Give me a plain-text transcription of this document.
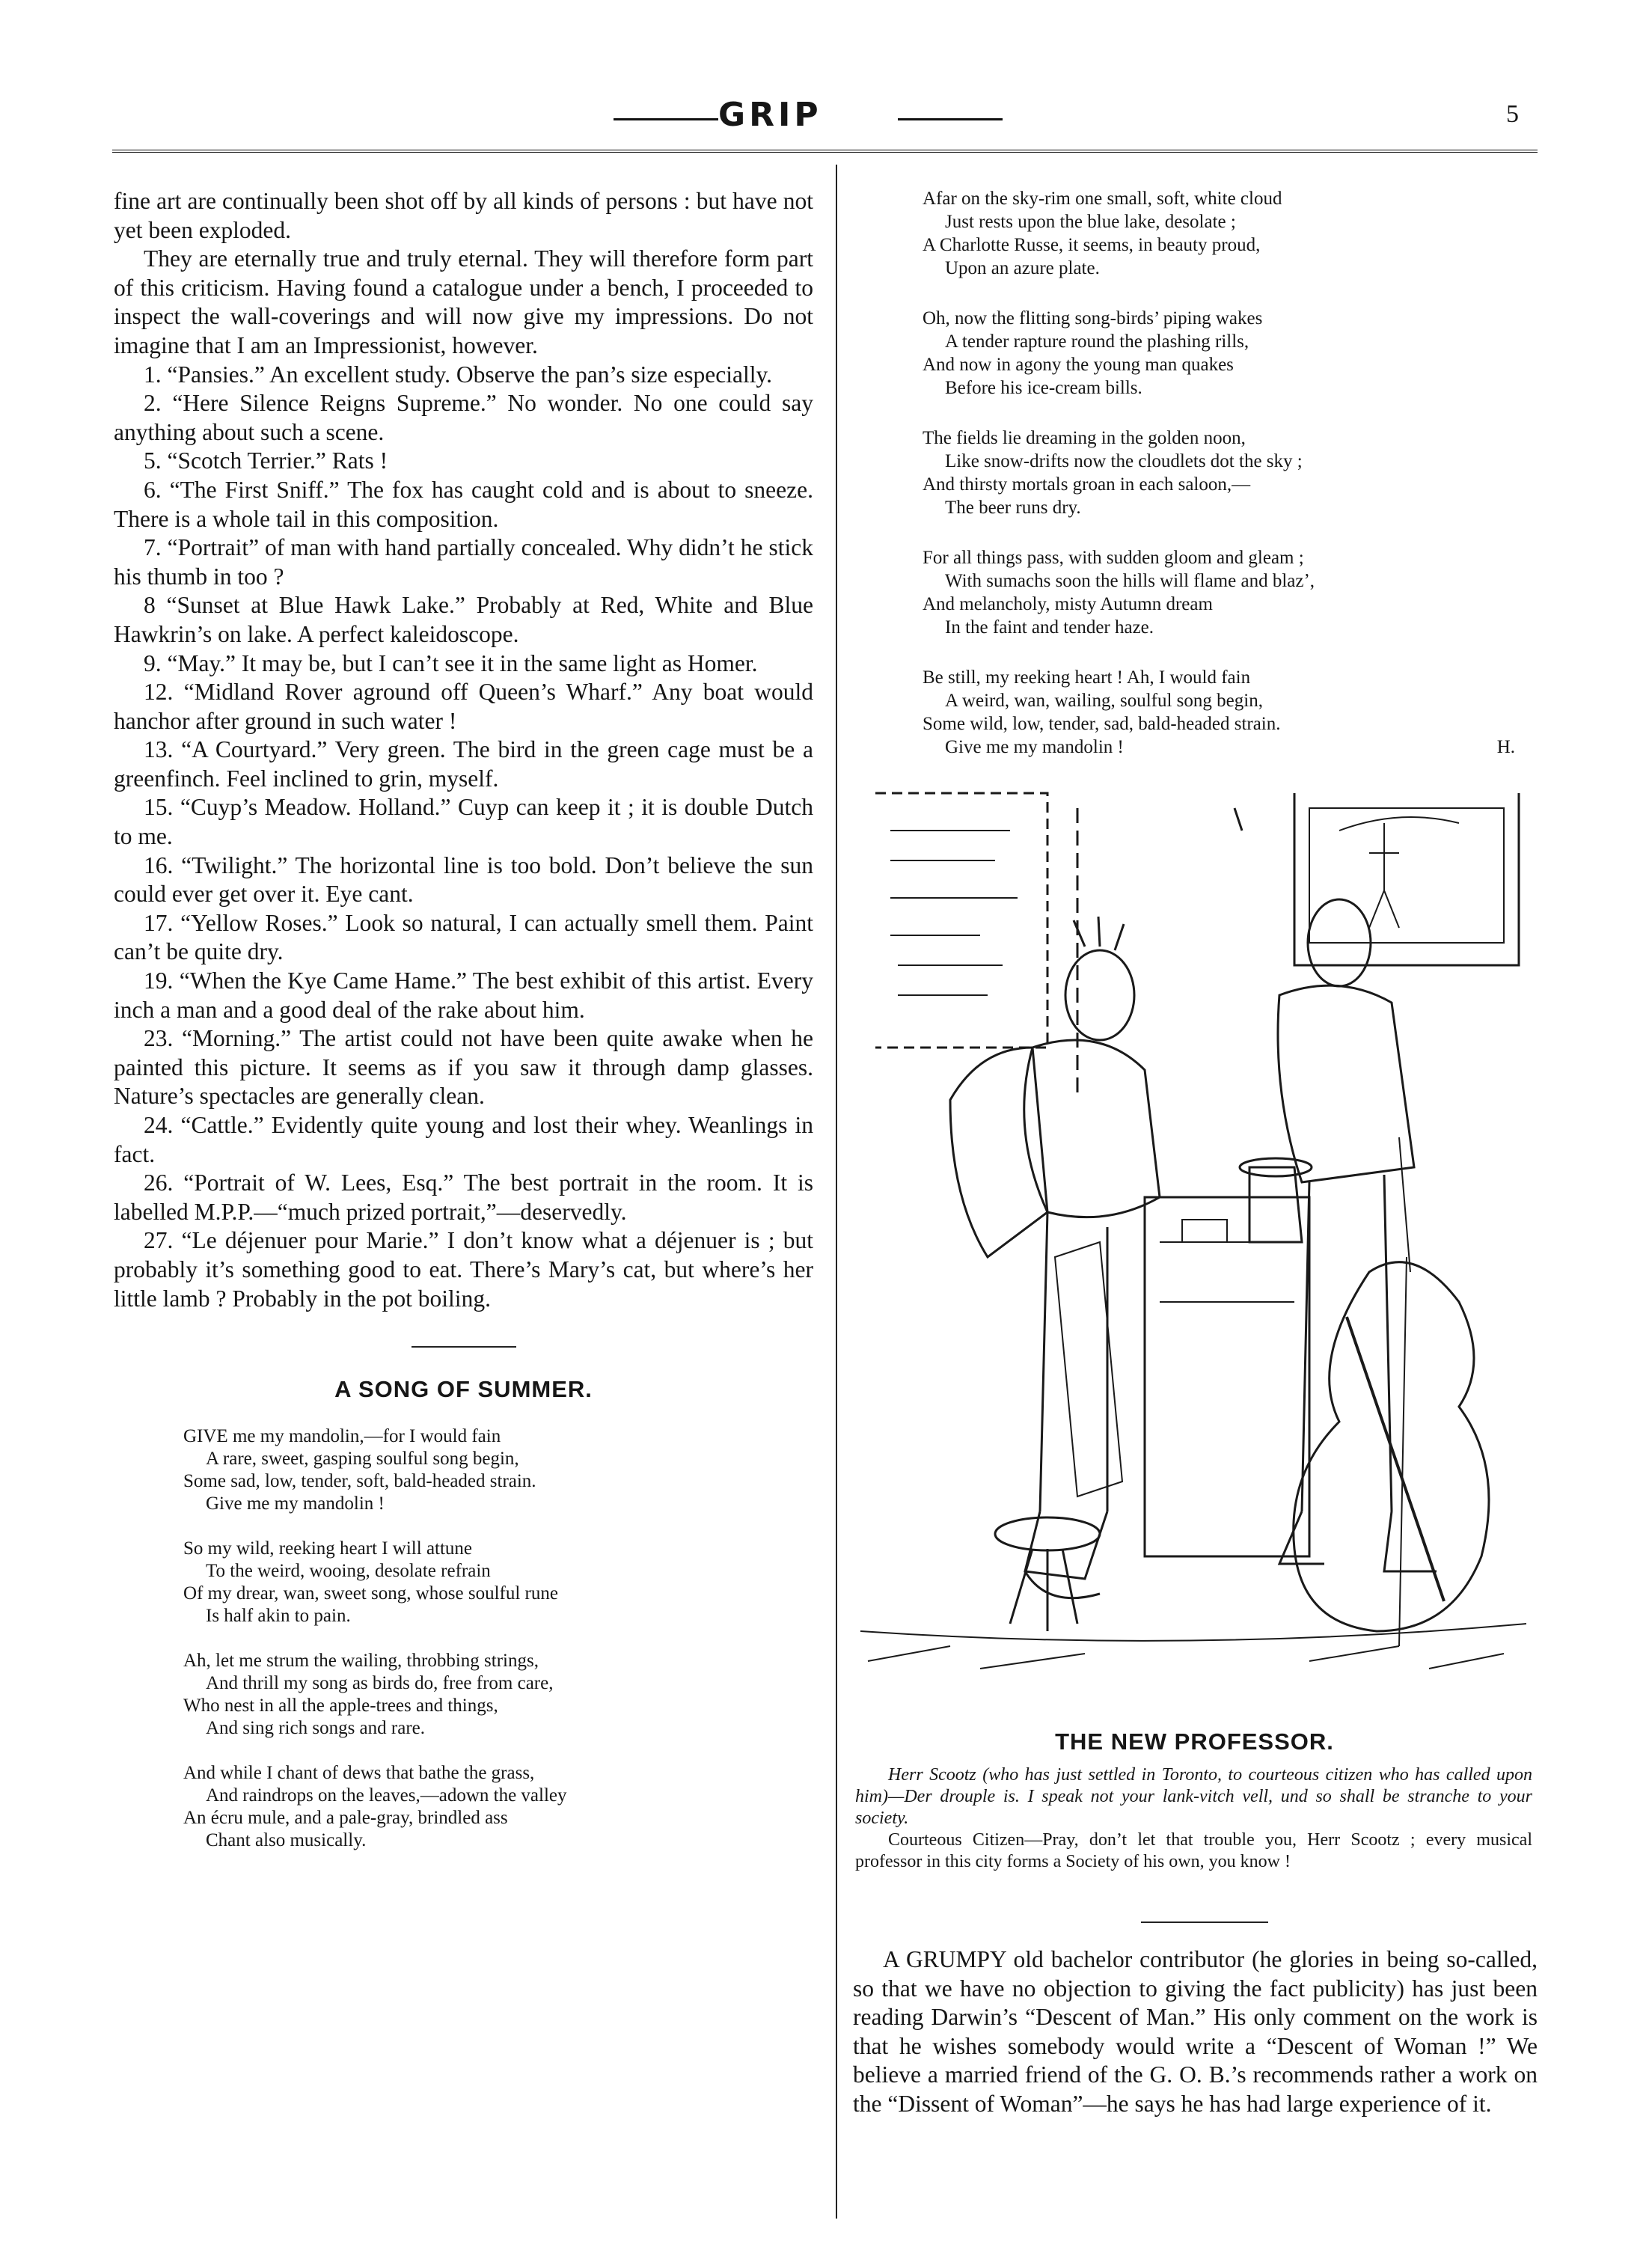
GRIP	5

fine art are continually been shot off by all kinds of persons : but have not yet been exploded.

They are eternally true and truly eternal. They will therefore form part of this criticism. Having found a catalogue under a bench, I proceeded to inspect the wall-coverings and will now give my impressions. Do not imagine that I am an Impressionist, however.

1. “Pansies.” An excellent study. Observe the pan’s size especially.

2. “Here Silence Reigns Supreme.” No wonder. No one could say anything about such a scene.

5. “Scotch Terrier.” Rats !

6. “The First Sniff.” The fox has caught cold and is about to sneeze. There is a whole tail in this composition.

7. “Portrait” of man with hand partially concealed. Why didn’t he stick his thumb in too ?

8 “Sunset at Blue Hawk Lake.” Probably at Red, White and Blue Hawkrin’s on lake. A perfect kaleidoscope.

9. “May.” It may be, but I can’t see it in the same light as Homer.

12. “Midland Rover aground off Queen’s Wharf.” Any boat would hanchor after ground in such water !

13. “A Courtyard.” Very green. The bird in the green cage must be a greenfinch. Feel inclined to grin, myself.

15. “Cuyp’s Meadow. Holland.” Cuyp can keep it ; it is double Dutch to me.

16. “Twilight.” The horizontal line is too bold. Don’t believe the sun could ever get over it. Eye cant.

17. “Yellow Roses.” Look so natural, I can actually smell them. Paint can’t be quite dry.

19. “When the Kye Came Hame.” The best exhibit of this artist. Every inch a man and a good deal of the rake about him.

23. “Morning.” The artist could not have been quite awake when he painted this picture. It seems as if you saw it through damp glasses. Nature’s spectacles are generally clean.

24. “Cattle.” Evidently quite young and lost their whey. Weanlings in fact.

26. “Portrait of W. Lees, Esq.” The best portrait in the room. It is labelled M.P.P.—“much prized portrait,”—deservedly.

27. “Le déjenuer pour Marie.” I don’t know what a déjenuer is ; but probably it’s something good to eat. There’s Mary’s cat, but where’s her little lamb ? Probably in the pot boiling.

A SONG OF SUMMER.
GIVE me my mandolin,—for I would fain
A rare, sweet, gasping soulful song begin,
Some sad, low, tender, soft, bald-headed strain.
Give me my mandolin !
So my wild, reeking heart I will attune
To the weird, wooing, desolate refrain
Of my drear, wan, sweet song, whose soulful rune
Is half akin to pain.
Ah, let me strum the wailing, throbbing strings,
And thrill my song as birds do, free from care,
Who nest in all the apple-trees and things,
And sing rich songs and rare.
And while I chant of dews that bathe the grass,
And raindrops on the leaves,—adown the valley
An écru mule, and a pale-gray, brindled ass
Chant also musically.
Afar on the sky-rim one small, soft, white cloud
Just rests upon the blue lake, desolate ;
A Charlotte Russe, it seems, in beauty proud,
Upon an azure plate.
Oh, now the flitting song-birds’ piping wakes
A tender rapture round the plashing rills,
And now in agony the young man quakes
Before his ice-cream bills.
The fields lie dreaming in the golden noon,
Like snow-drifts now the cloudlets dot the sky ;
And thirsty mortals groan in each saloon,—
The beer runs dry.
For all things pass, with sudden gloom and gleam ;
With sumachs soon the hills will flame and blazʼ,
And melancholy, misty Autumn dream
In the faint and tender haze.
Be still, my reeking heart ! Ah, I would fain
A weird, wan, wailing, soulful song begin,
Some wild, low, tender, sad, bald-headed strain.
Give me my mandolin !	H.
THE NEW PROFESSOR.

Herr Scootz (who has just settled in Toronto, to courteous citizen who has called upon him)—Der drouple is. I speak not your lank-vitch vell, und so shall be stranche to your society.

Courteous Citizen—Pray, don’t let that trouble you, Herr Scootz ; every musical professor in this city forms a Society of his own, you know !

A GRUMPY old bachelor contributor (he glories in being so-called, so that we have no objection to giving the fact publicity) has just been reading Darwin’s “Descent of Man.” His only comment on the work is that he wishes somebody would write a “Descent of Woman !” We believe a married friend of the G. O. B.’s recommends rather a work on the “Dissent of Woman”—he says he has had large experience of it.
